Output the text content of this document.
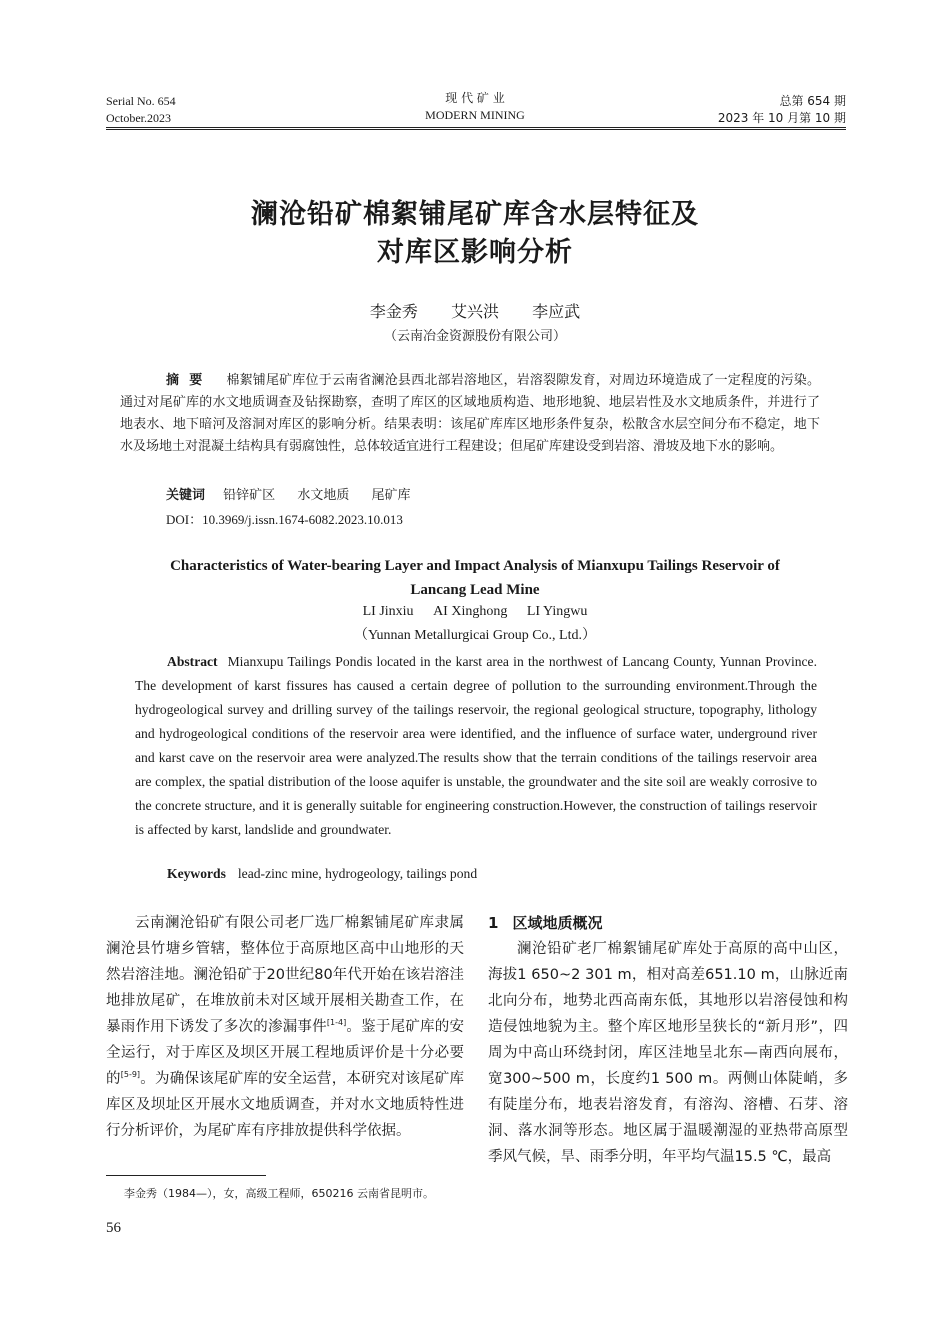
Serial No. 654
October.2023
现 代 矿 业
MODERN MINING
总第 654 期
2023 年 10 月第 10 期
澜沧铅矿棉絮铺尾矿库含水层特征及
对库区影响分析
李金秀 艾兴洪 李应武
（云南冶金资源股份有限公司）
摘要 棉絮铺尾矿库位于云南省澜沧县西北部岩溶地区，岩溶裂隙发育，对周边环境造成了一定程度的污染。通过对尾矿库的水文地质调查及钻探勘察，查明了库区的区域地质构造、地形地貌、地层岩性及水文地质条件，并进行了地表水、地下暗河及溶洞对库区的影响分析。结果表明：该尾矿库库区地形条件复杂，松散含水层空间分布不稳定，地下水及场地土对混凝土结构具有弱腐蚀性，总体较适宜进行工程建设；但尾矿库建设受到岩溶、滑坡及地下水的影响。
关键词 铅锌矿区 水文地质 尾矿库
DOI：10.3969/j.issn.1674-6082.2023.10.013
Characteristics of Water-bearing Layer and Impact Analysis of Mianxupu Tailings Reservoir of
Lancang Lead Mine
LI Jinxiu AI Xinghong LI Yingwu
（Yunnan Metallurgicai Group Co., Ltd.）
Abstract Mianxupu Tailings Pondis located in the karst area in the northwest of Lancang County, Yunnan Province. The development of karst fissures has caused a certain degree of pollution to the surrounding environment.Through the hydrogeological survey and drilling survey of the tailings reservoir, the regional geological structure, topography, lithology and hydrogeological conditions of the reservoir area were identified, and the influence of surface water, underground river and karst cave on the reservoir area were analyzed.The results show that the terrain conditions of the tailings reservoir area are complex, the spatial distribution of the loose aquifer is unstable, the groundwater and the site soil are weakly corrosive to the concrete structure, and it is generally suitable for engineering construction.However, the construction of tailings reservoir is affected by karst, landslide and groundwater.
Keywords lead-zinc mine, hydrogeology, tailings pond

云南澜沧铅矿有限公司老厂选厂棉絮铺尾矿库隶属澜沧县竹塘乡管辖，整体位于高原地区高中山地形的天然岩溶洼地。澜沧铅矿于20世纪80年代开始在该岩溶洼地排放尾矿，在堆放前未对区域开展相关勘查工作，在暴雨作用下诱发了多次的渗漏事件[1-4]。鉴于尾矿库的安全运行，对于库区及坝区开展工程地质评价是十分必要的[5-9]。为确保该尾矿库的安全运营，本研究对该尾矿库库区及坝址区开展水文地质调查，并对水文地质特性进行分析评价，为尾矿库有序排放提供科学依据。

1 区域地质概况

澜沧铅矿老厂棉絮铺尾矿库处于高原的高中山区，海拔1 650~2 301 m，相对高差651.10 m，山脉近南北向分布，地势北西高南东低，其地形以岩溶侵蚀和构造侵蚀地貌为主。整个库区地形呈狭长的“新月形”，四周为中高山环绕封闭，库区洼地呈北东—南西向展布，宽300~500 m，长度约1 500 m。两侧山体陡峭，多有陡崖分布，地表岩溶发育，有溶沟、溶槽、石芽、溶洞、落水洞等形态。地区属于温暖潮湿的亚热带高原型季风气候，旱、雨季分明，年平均气温15.5 ℃，最高

李金秀（1984—），女，高级工程师，650216 云南省昆明市。
56
